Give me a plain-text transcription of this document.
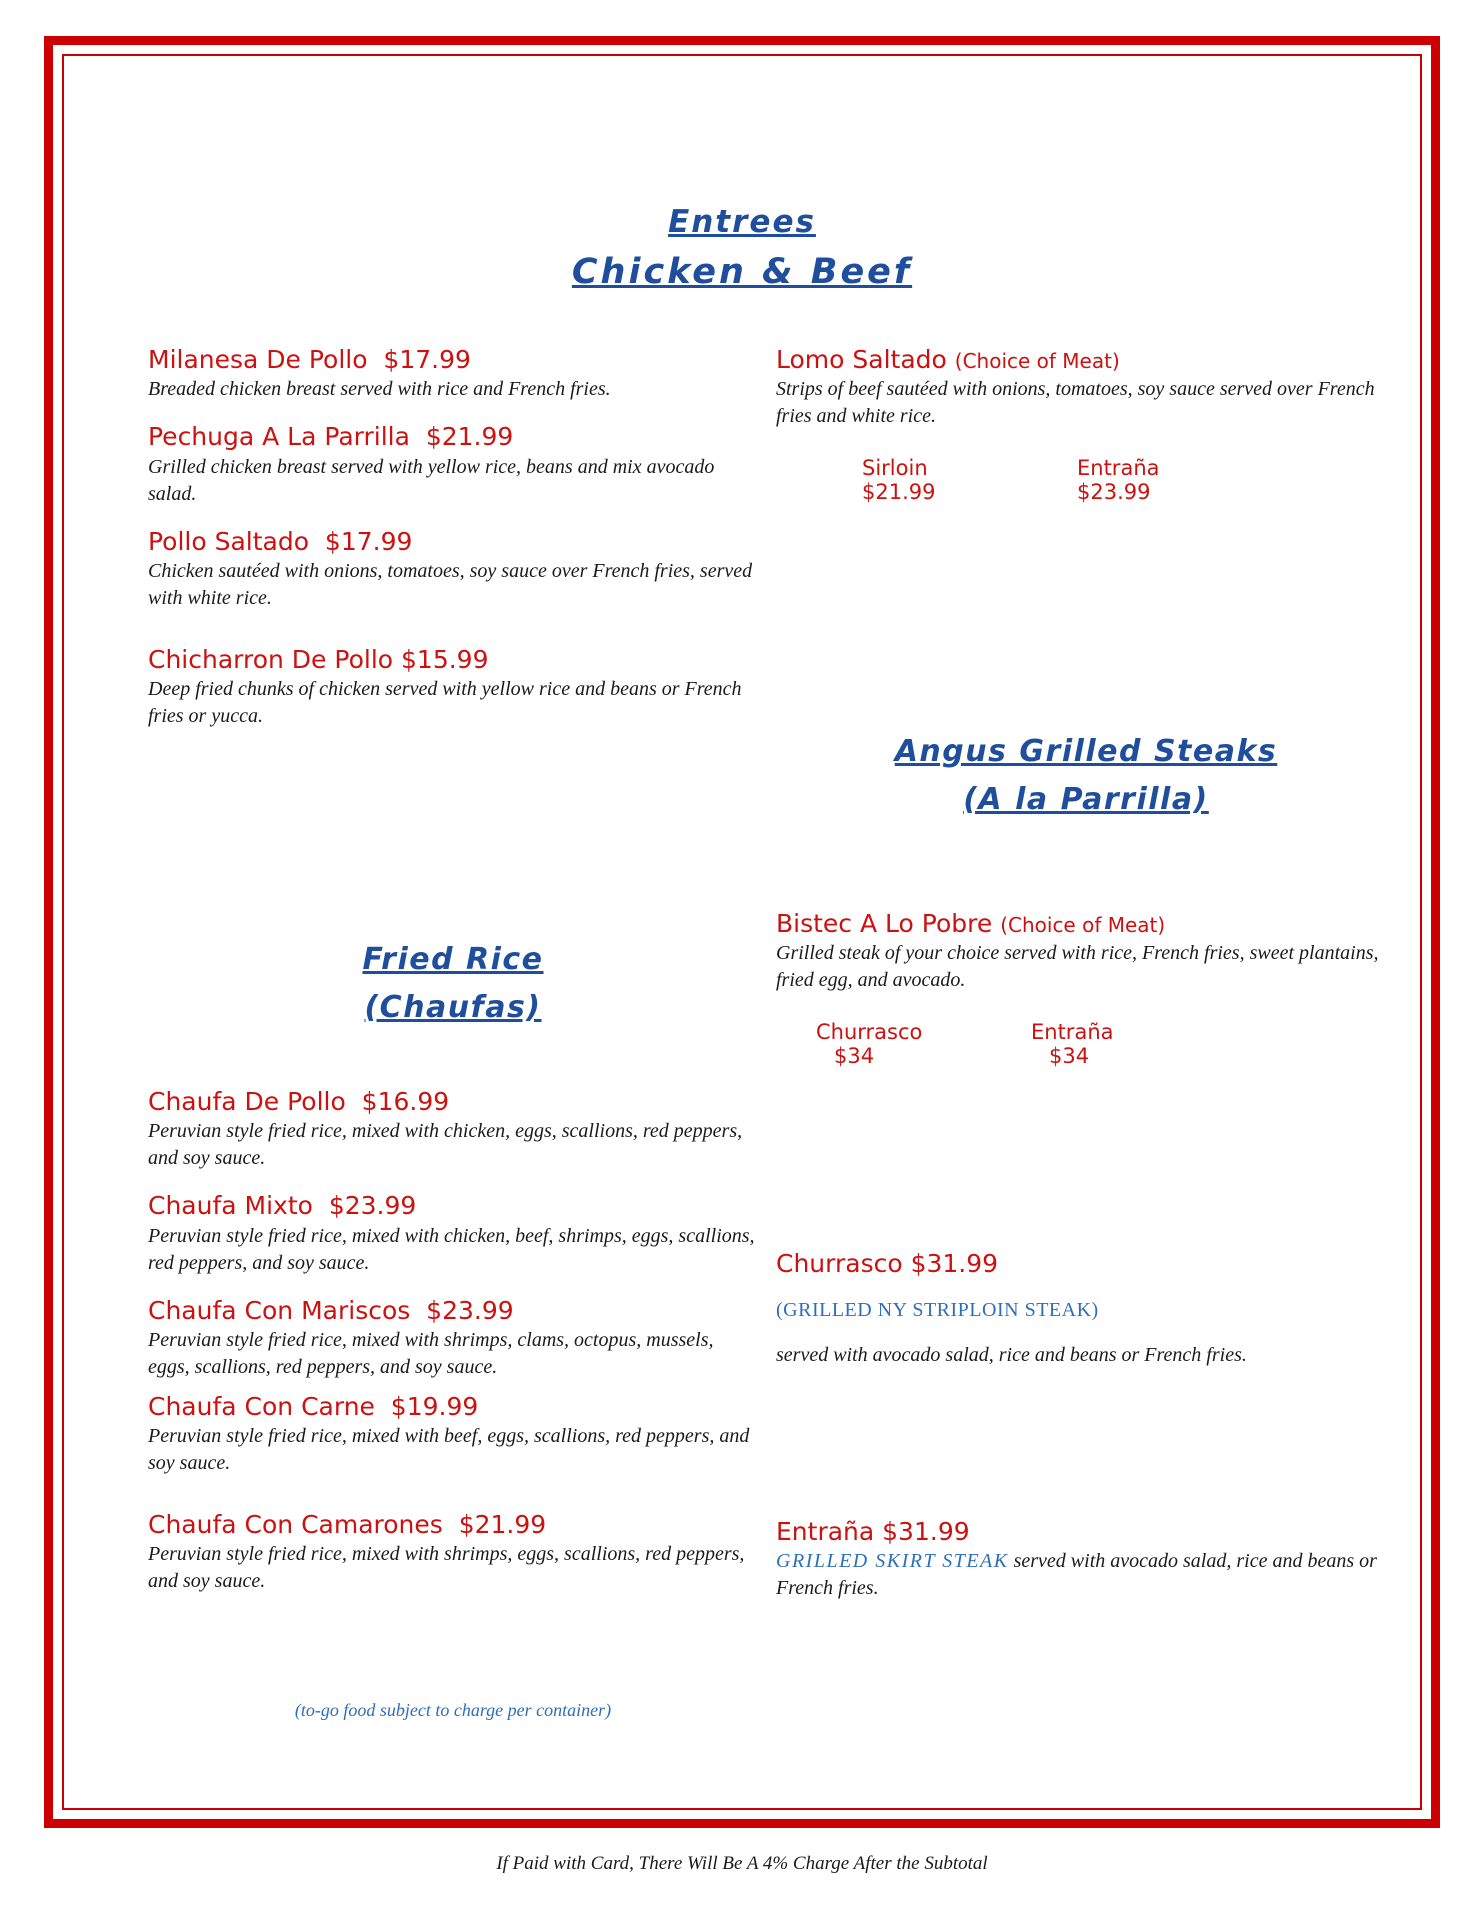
Entrees
Chicken & Beef

Milanesa De Pollo  $17.99

Breaded chicken breast served with rice and French fries.

Pechuga A La Parrilla  $21.99

Grilled chicken breast served with yellow rice, beans and mix avocado salad.

Pollo Saltado  $17.99

Chicken sautéed with onions, tomatoes, soy sauce over French fries, served with white rice.

Chicharron De Pollo $15.99

Deep fried chunks of chicken served with yellow rice and beans or French fries or yucca.

Fried Rice
(Chaufas)

Chaufa De Pollo  $16.99

Peruvian style fried rice, mixed with chicken, eggs, scallions, red peppers, and soy sauce.

Chaufa Mixto  $23.99

Peruvian style fried rice, mixed with chicken, beef, shrimps, eggs, scallions, red peppers, and soy sauce.

Chaufa Con Mariscos  $23.99

Peruvian style fried rice, mixed with shrimps, clams, octopus, mussels, eggs, scallions, red peppers, and soy sauce.

Chaufa Con Carne  $19.99

Peruvian style fried rice, mixed with beef, eggs, scallions, red peppers, and soy sauce.

Chaufa Con Camarones  $21.99

Peruvian style fried rice, mixed with shrimps, eggs, scallions, red peppers, and soy sauce.

(to-go food subject to charge per container)

Lomo Saltado (Choice of Meat)

Strips of beef sautéed with onions, tomatoes, soy sauce served over French fries and white rice.

Sirloin
$21.99
Entraña
$23.99
Angus Grilled Steaks
(A la Parrilla)

Bistec A Lo Pobre (Choice of Meat)

Grilled steak of your choice served with rice, French fries, sweet plantains, fried egg, and avocado.

Churrasco
$34
Entraña
$34

Churrasco $31.99

(GRILLED NY STRIPLOIN STEAK)

served with avocado salad, rice and beans or French fries.

Entraña $31.99

GRILLED SKIRT STEAK served with avocado salad, rice and beans or French fries.

If Paid with Card, There Will Be A 4% Charge After the Subtotal
